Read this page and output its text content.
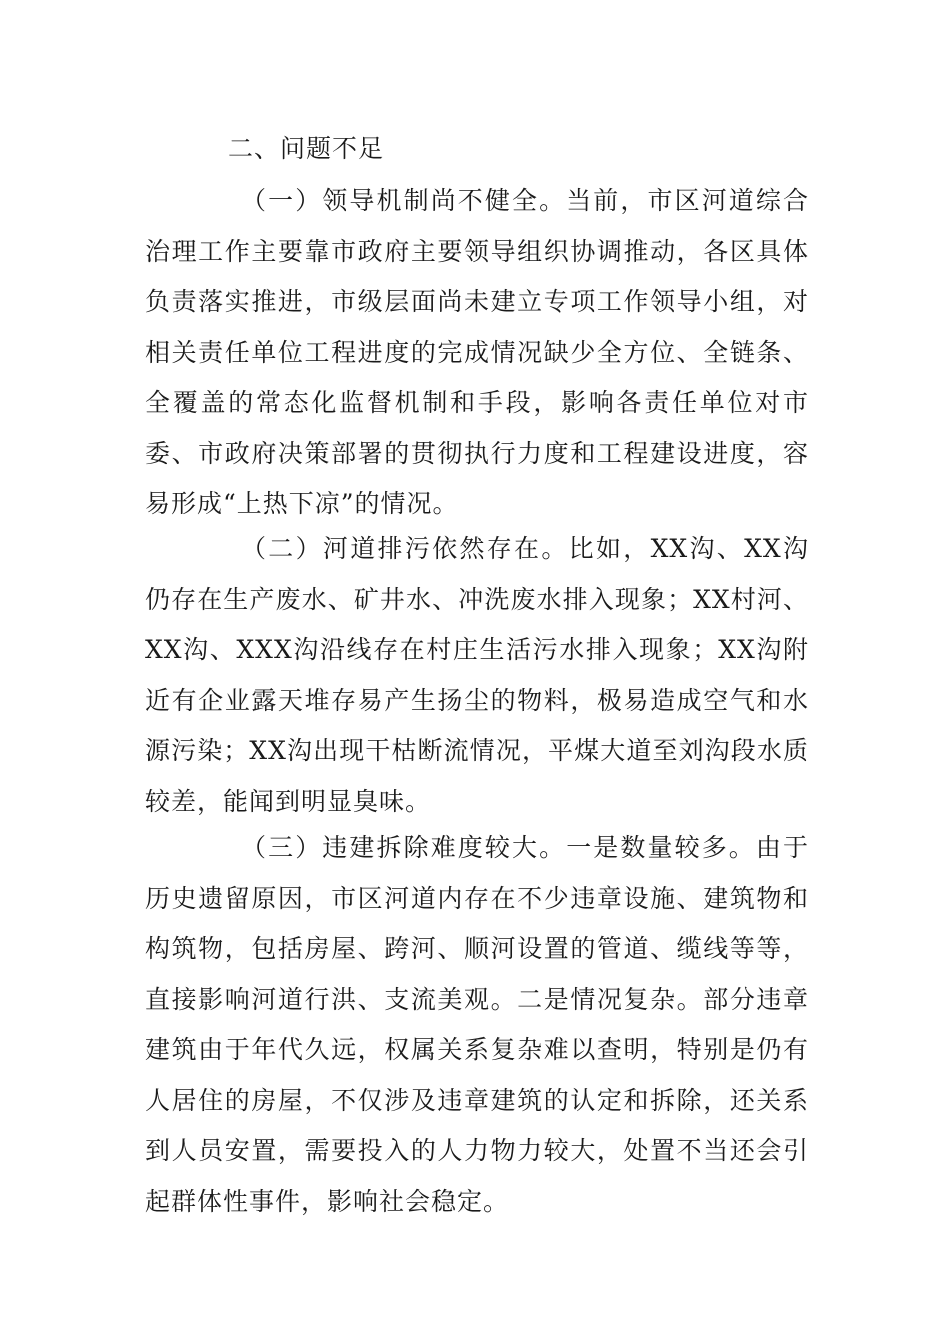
二、问题不足

（一）领导机制尚不健全。当前，市区河道综合治理工作主要靠市政府主要领导组织协调推动，各区具体负责落实推进，市级层面尚未建立专项工作领导小组，对相关责任单位工程进度的完成情况缺少全方位、全链条、全覆盖的常态化监督机制和手段，影响各责任单位对市委、市政府决策部署的贯彻执行力度和工程建设进度，容易形成“上热下凉”的情况。

（二）河道排污依然存在。比如，XX沟、XX沟仍存在生产废水、矿井水、冲洗废水排入现象；XX村河、XX沟、XXX沟沿线存在村庄生活污水排入现象；XX沟附近有企业露天堆存易产生扬尘的物料，极易造成空气和水源污染；XX沟出现干枯断流情况，平煤大道至刘沟段水质较差，能闻到明显臭味。

（三）违建拆除难度较大。一是数量较多。由于历史遗留原因，市区河道内存在不少违章设施、建筑物和构筑物，包括房屋、跨河、顺河设置的管道、缆线等等，直接影响河道行洪、支流美观。二是情况复杂。部分违章建筑由于年代久远，权属关系复杂难以查明，特别是仍有人居住的房屋，不仅涉及违章建筑的认定和拆除，还关系到人员安置，需要投入的人力物力较大，处置不当还会引起群体性事件，影响社会稳定。
